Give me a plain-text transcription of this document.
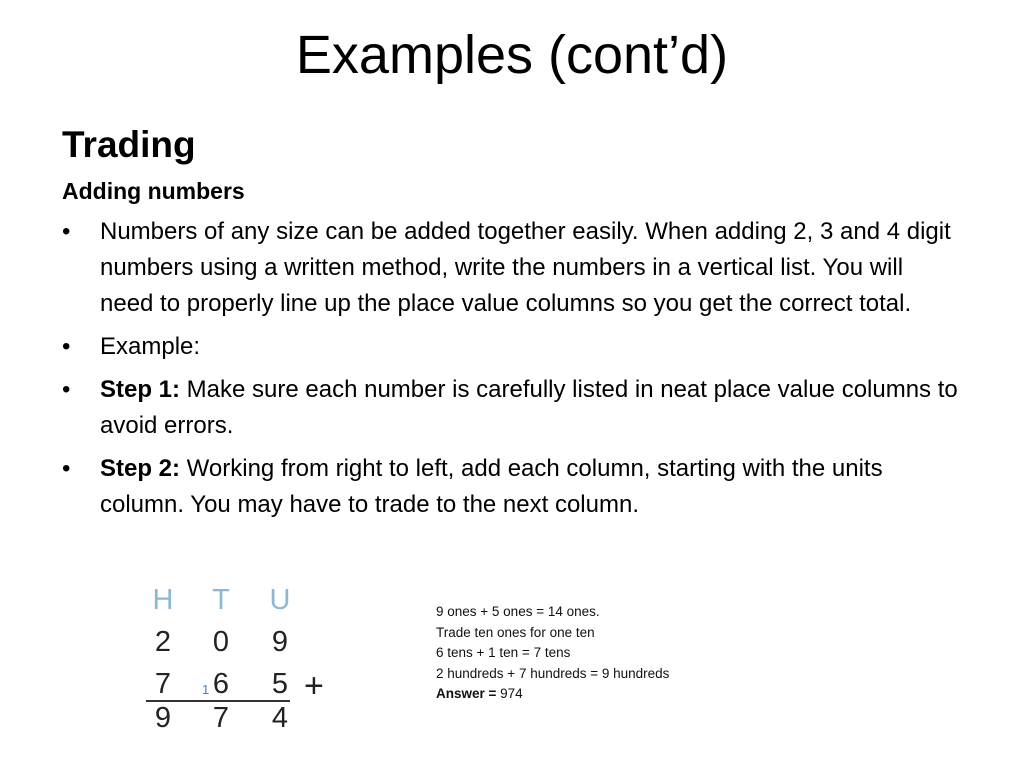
Examples (cont’d)
Trading
Adding numbers
• Numbers of any size can be added together easily. When adding 2, 3 and 4 digit numbers using a written method, write the numbers in a vertical list. You will need to properly line up the place value columns so you get the correct total.
• Example:
• Step 1: Make sure each number is carefully listed in neat place value columns to avoid errors.
• Step 2: Working from right to left, add each column, starting with the units column. You may have to trade to the next column.
H	T	U
2	0	9
7	1 6	5 +
9	7	4
9 ones + 5 ones = 14 ones.
Trade ten ones for one ten
6 tens + 1 ten = 7 tens
2 hundreds + 7 hundreds = 9 hundreds
Answer = 974
